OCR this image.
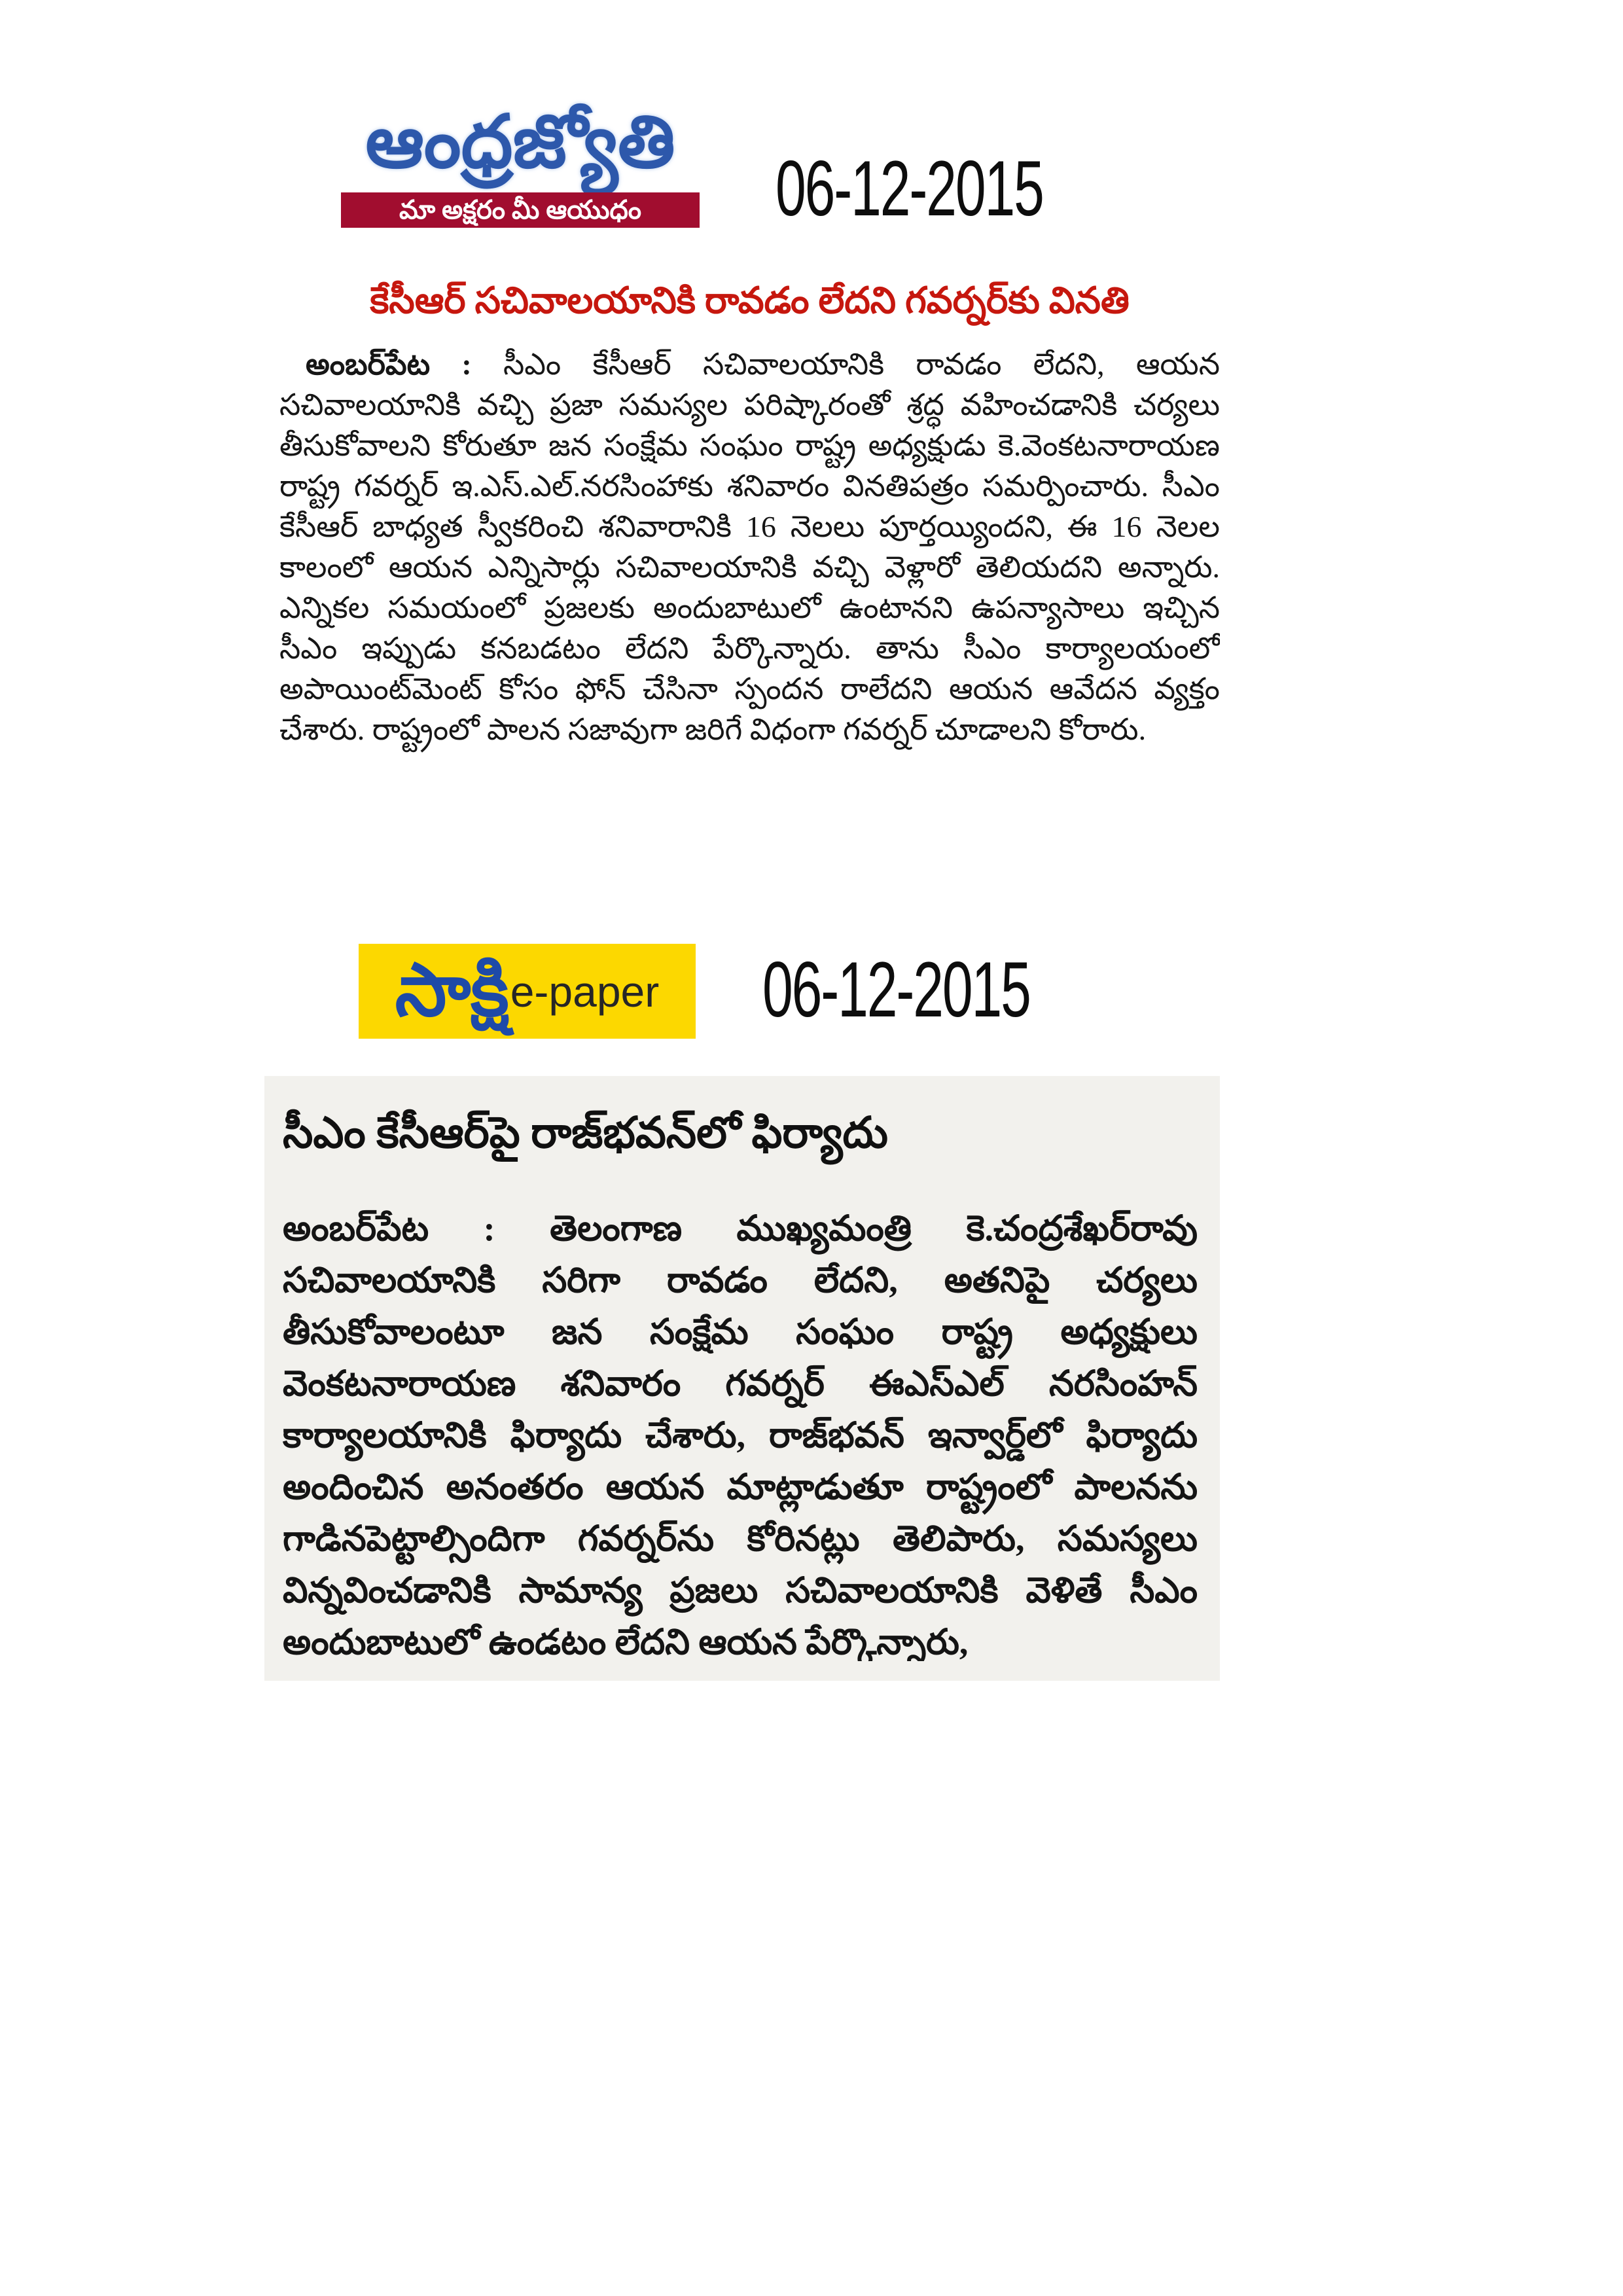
ఆంధ్రజ్యోతి
మా అక్షరం మీ ఆయుధం	06-12-2015
కేసీఆర్ సచివాలయానికి రావడం లేదని గవర్నర్‌కు వినతి

అంబర్‌పేట : సీఎం కేసీఆర్ సచివాలయానికి రావడం లేదని, ఆయన సచివాలయానికి వచ్చి ప్రజా సమస్యల పరిష్కారంతో శ్రద్ధ వహించడానికి చర్యలు తీసుకోవాలని కోరుతూ జన సంక్షేమ సంఘం రాష్ట్ర అధ్యక్షుడు కె.వెంకటనారాయణ రాష్ట్ర గవర్నర్ ఇ.ఎస్.ఎల్.నరసింహాకు శనివారం వినతిపత్రం సమర్పించారు. సీఎం కేసీఆర్ బాధ్యత స్వీకరించి శనివారానికి 16 నెలలు పూర్తయ్యిందని, ఈ 16 నెలల కాలంలో ఆయన ఎన్నిసార్లు సచివాలయానికి వచ్చి వెళ్లారో తెలియదని అన్నారు. ఎన్నికల సమయంలో ప్రజలకు అందుబాటులో ఉంటానని ఉపన్యాసాలు ఇచ్చిన సీఎం ఇప్పుడు కనబడటం లేదని పేర్కొన్నారు. తాను సీఎం కార్యాలయంలో అపాయింట్‌మెంట్ కోసం ఫోన్ చేసినా స్పందన రాలేదని ఆయన ఆవేదన వ్యక్తం చేశారు. రాష్ట్రంలో పాలన సజావుగా జరిగే విధంగా గవర్నర్ చూడాలని కోరారు.

సాక్షి e-paper 06-12-2015
సీఎం కేసీఆర్‌పై రాజ్‌భవన్‌లో ఫిర్యాదు

అంబర్‌పేట : తెలంగాణ ముఖ్యమంత్రి కె.చంద్రశేఖర్‌రావు సచివాలయానికి సరిగా రావడం లేదని, అతనిపై చర్యలు తీసుకోవాలంటూ జన సంక్షేమ సంఘం రాష్ట్ర అధ్యక్షులు వెంకటనారాయణ శనివారం గవర్నర్ ఈఎస్ఎల్ నరసింహన్ కార్యాలయానికి ఫిర్యాదు చేశారు, రాజ్‌భవన్ ఇన్వార్డ్‌లో ఫిర్యాదు అందించిన అనంతరం ఆయన మాట్లాడుతూ రాష్ట్రంలో పాలనను గాడినపెట్టాల్సిందిగా గవర్నర్‌ను కోరినట్లు తెలిపారు, సమస్యలు విన్నవించడానికి సామాన్య ప్రజలు సచివాలయానికి వెళితే సీఎం అందుబాటులో ఉండటం లేదని ఆయన పేర్కొన్నారు,
